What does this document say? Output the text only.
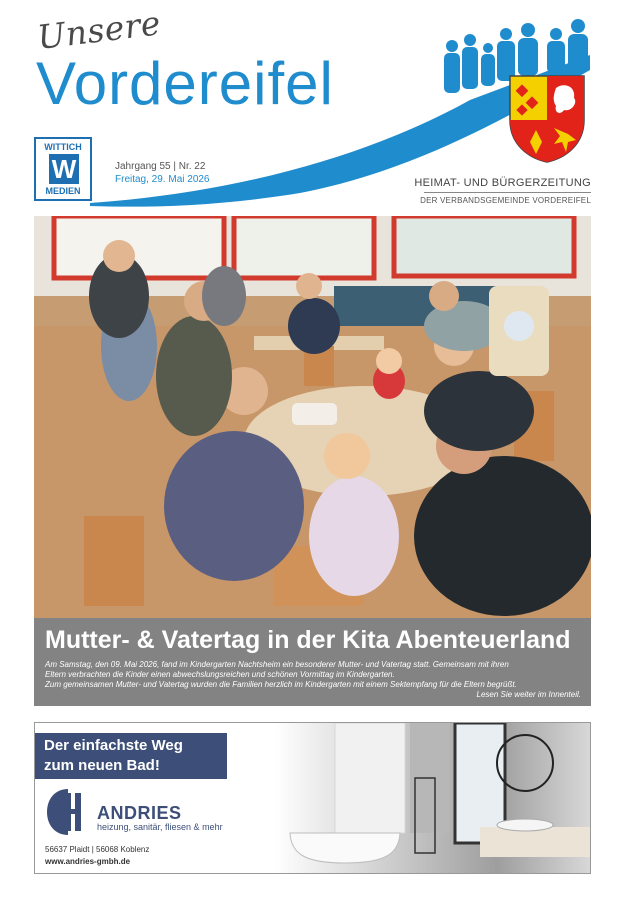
Unsere
Vordereifel
WITTICH
W
MEDIEN
Jahrgang 55 | Nr. 22
Freitag, 29. Mai 2026	HEIMAT- UND BÜRGERZEITUNG
DER VERBANDSGEMEINDE VORDEREIFEL
Mutter- & Vatertag in der Kita Abenteuerland

Am Samstag, den 09. Mai 2026, fand im Kindergarten Nachtsheim ein besonderer Mutter- und Vatertag statt. Gemeinsam mit ihren

Eltern verbrachten die Kinder einen abwechslungsreichen und schönen Vormittag im Kindergarten.

Zum gemeinsamen Mutter- und Vatertag wurden die Familien herzlich im Kindergarten mit einem Sektempfang für die Eltern begrüßt.

Lesen Sie weiter im Innenteil.

Der einfachste Weg
zum neuen Bad!
ANDRIES
heizung, sanitär, fliesen & mehr
56637 Plaidt | 56068 Koblenz
www.andries-gmbh.de
